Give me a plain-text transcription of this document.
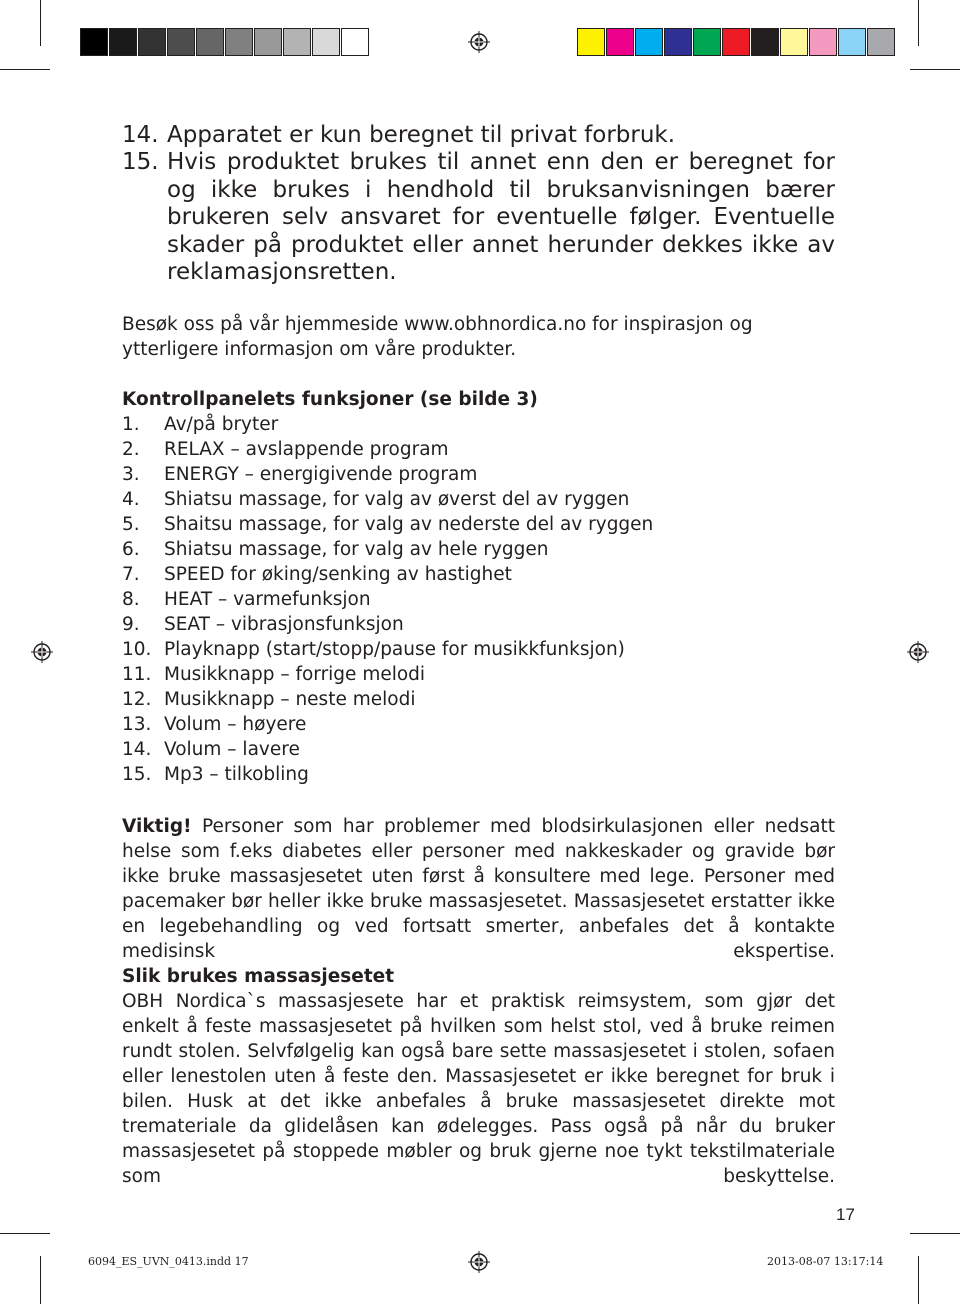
14. Apparatet er kun beregnet til privat forbruk.
15. Hvis produktet brukes til annet enn den er beregnet for og ikke brukes i hendhold til bruksanvisningen bærer brukeren selv ansvaret for eventuelle følger. Eventuelle skader på produktet eller annet herunder dekkes ikke av reklamasjonsretten.

Besøk oss på vår hjemmeside www.obhnordica.no for inspirasjon og ytterligere informasjon om våre produkter.

Kontrollpanelets funksjoner (se bilde 3)
1.	Av/på bryter
2.	RELAX – avslappende program
3.	ENERGY – energigivende program
4.	Shiatsu massage, for valg av øverst del av ryggen
5.	Shaitsu massage, for valg av nederste del av ryggen
6.	Shiatsu massage, for valg av hele ryggen
7.	SPEED for øking/senking av hastighet
8.	HEAT – varmefunksjon
9.	SEAT – vibrasjonsfunksjon
10. Playknapp (start/stopp/pause for musikkfunksjon)
11. Musikknapp – forrige melodi
12. Musikknapp – neste melodi
13. Volum – høyere
14. Volum – lavere
15. Mp3 – tilkobling

Viktig! Personer som har problemer med blodsirkulasjonen eller nedsatt helse som f.eks diabetes eller personer med nakkeskader og gravide bør ikke bruke massasjesetet uten først å konsultere med lege. Personer med pacemaker bør heller ikke bruke massasjesetet. Massasjesetet erstatter ikke en legebehandling og ved fortsatt smerter, anbefales det å kontakte medisinsk ekspertise.

Slik brukes massasjesetet

OBH Nordica`s massasjesete har et praktisk reimsystem, som gjør det enkelt å feste massasjesetet på hvilken som helst stol, ved å bruke reimen rundt stolen. Selvfølgelig kan også bare sette massasjesetet i stolen, sofaen eller lenestolen uten å feste den. Massasjesetet er ikke beregnet for bruk i bilen. Husk at det ikke anbefales å bruke massasjesetet direkte mot tremateriale da glidelåsen kan ødelegges. Pass også på når du bruker massasjesetet på stoppede møbler og bruk gjerne noe tykt tekstilmateriale som beskyttelse.

17
6094_ES_UVN_0413.indd 17	2013-08-07 13:17:14
